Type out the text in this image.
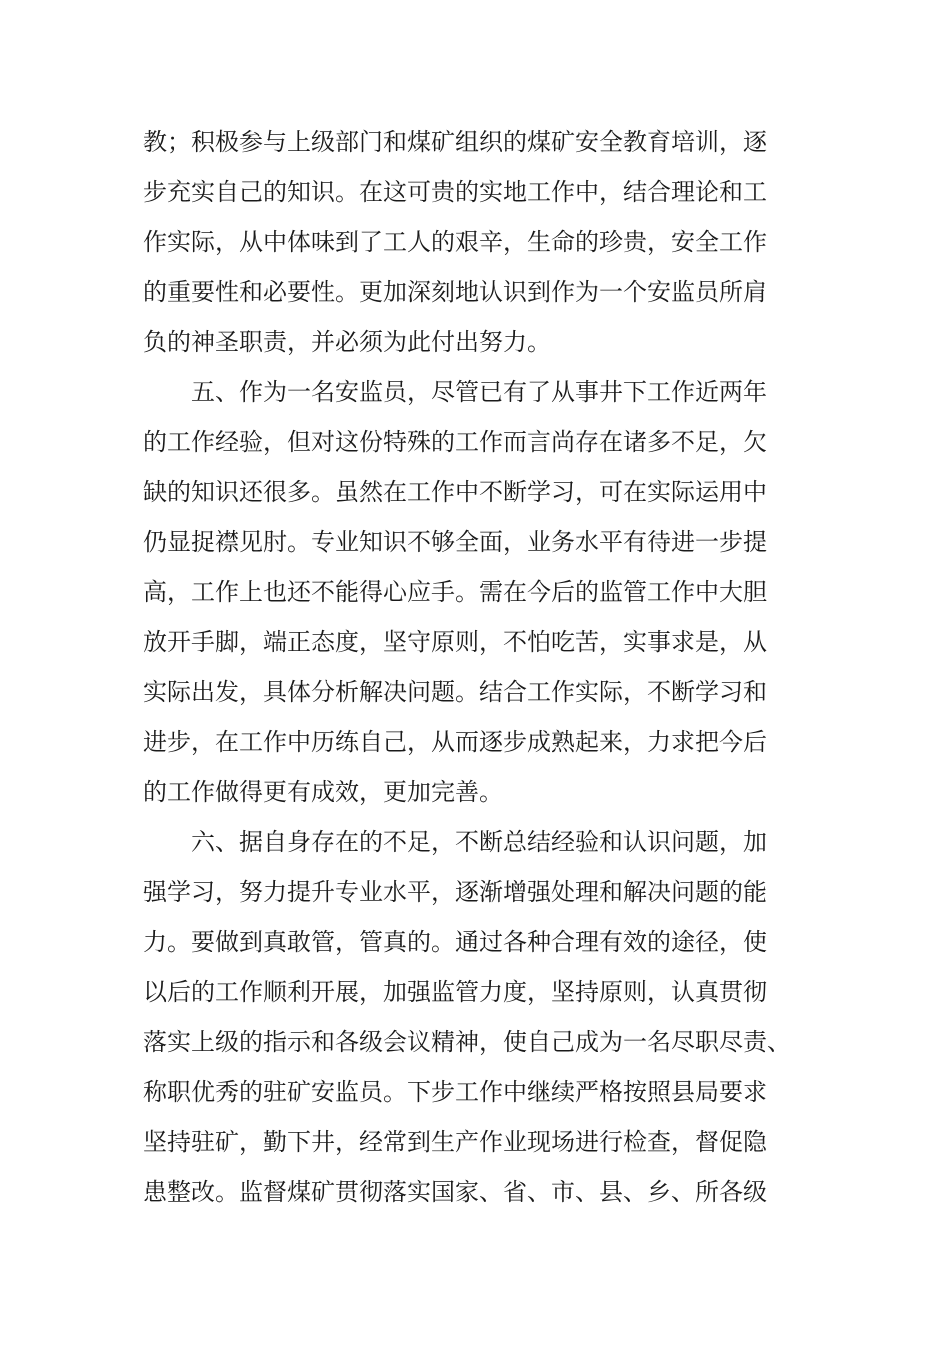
教；积极参与上级部门和煤矿组织的煤矿安全教育培训，逐
步充实自己的知识。在这可贵的实地工作中，结合理论和工
作实际，从中体味到了工人的艰辛，生命的珍贵，安全工作
的重要性和必要性。更加深刻地认识到作为一个安监员所肩
负的神圣职责，并必须为此付出努力。
五、作为一名安监员，尽管已有了从事井下工作近两年
的工作经验，但对这份特殊的工作而言尚存在诸多不足，欠
缺的知识还很多。虽然在工作中不断学习，可在实际运用中
仍显捉襟见肘。专业知识不够全面，业务水平有待进一步提
高，工作上也还不能得心应手。需在今后的监管工作中大胆
放开手脚，端正态度，坚守原则，不怕吃苦，实事求是，从
实际出发，具体分析解决问题。结合工作实际，不断学习和
进步，在工作中历练自己，从而逐步成熟起来，力求把今后
的工作做得更有成效，更加完善。
六、据自身存在的不足，不断总结经验和认识问题，加
强学习，努力提升专业水平，逐渐增强处理和解决问题的能
力。要做到真敢管，管真的。通过各种合理有效的途径，使
以后的工作顺利开展，加强监管力度，坚持原则，认真贯彻
落实上级的指示和各级会议精神，使自己成为一名尽职尽责、
称职优秀的驻矿安监员。下步工作中继续严格按照县局要求
坚持驻矿，勤下井，经常到生产作业现场进行检查，督促隐
患整改。监督煤矿贯彻落实国家、省、市、县、乡、所各级
